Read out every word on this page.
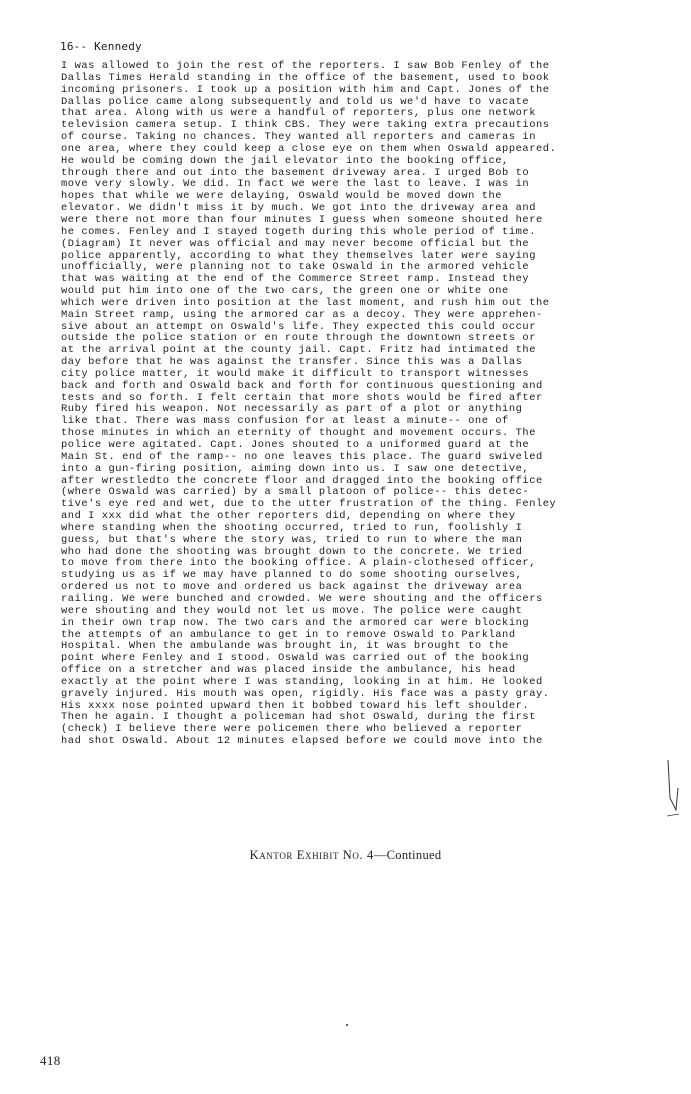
16-- Kennedy
I was allowed to join the rest of the reporters. I saw Bob Fenley of the
Dallas Times Herald standing in the office of the basement, used to book
incoming prisoners. I took up a position with him and Capt. Jones of the
Dallas police came along subsequently and told us we'd have to vacate
that area. Along with us were a handful of reporters, plus one network
television camera setup. I think CBS. They were taking extra precautions
of course. Taking no chances. They wanted all reporters and cameras in
one area, where they could keep a close eye on them when Oswald appeared.
He would be coming down the jail elevator into the booking office,
through there and out into the basement driveway area. I urged Bob to
move very slowly. We did. In fact we were the last to leave. I was in
hopes that while we were delaying, Oswald would be moved down the
elevator. We didn't miss it by much. We got into the driveway area and
were there not more than four minutes I guess when someone shouted here
he comes. Fenley and I stayed togeth during this whole period of time.
(Diagram) It never was official and may never become official but the
police apparently, according to what they themselves later were saying
unofficially, were planning not to take Oswald in the armored vehicle
that was waiting at the end of the Commerce Street ramp. Instead they
would put him into one of the two cars, the green one or white one
which were driven into position at the last moment, and rush him out the
Main Street ramp, using the armored car as a decoy. They were apprehen-
sive about an attempt on Oswald's life. They expected this could occur
outside the police station or en route through the downtown streets or
at the arrival point at the county jail. Capt. Fritz had intimated the
day before that he was against the transfer. Since this was a Dallas
city police matter, it would make it difficult to transport witnesses
back and forth and Oswald back and forth for continuous questioning and
tests and so forth. I felt certain that more shots would be fired after
Ruby fired his weapon. Not necessarily as part of a plot or anything
like that. There was mass confusion for at least a minute-- one of
those minutes in which an eternity of thought and movement occurs. The
police were agitated. Capt. Jones shouted to a uniformed guard at the
Main St. end of the ramp-- no one leaves this place. The guard swiveled
into a gun-firing position, aiming down into us. I saw one detective,
after wrestledto the concrete floor and dragged into the booking office
(where Oswald was carried) by a small platoon of police-- this detec-
tive's eye red and wet, due to the utter frustration of the thing. Fenley
and I xxx did what the other reporters did, depending on where they
where standing when the shooting occurred, tried to run, foolishly I
guess, but that's where the story was, tried to run to where the man
who had done the shooting was brought down to the concrete. We tried
to move from there into the booking office. A plain-clothesed officer,
studying us as if we may have planned to do some shooting ourselves,
ordered us not to move and ordered us back against the driveway area
railing. We were bunched and crowded. We were shouting and the officers
were shouting and they would not let us move. The police were caught
in their own trap now. The two cars and the armored car were blocking
the attempts of an ambulance to get in to remove Oswald to Parkland
Hospital. When the ambulande was brought in, it was brought to the
point where Fenley and I stood. Oswald was carried out of the booking
office on a stretcher and was placed inside the ambulance, his head
exactly at the point where I was standing, looking in at him. He looked
gravely injured. His mouth was open, rigidly. His face was a pasty gray.
His xxxx nose pointed upward then it bobbed toward his left shoulder.
Then he again. I thought a policeman had shot Oswald, during the first
(check) I believe there were policemen there who believed a reporter
had shot Oswald. About 12 minutes elapsed before we could move into the
Kantor Exhibit No. 4—Continued
418
